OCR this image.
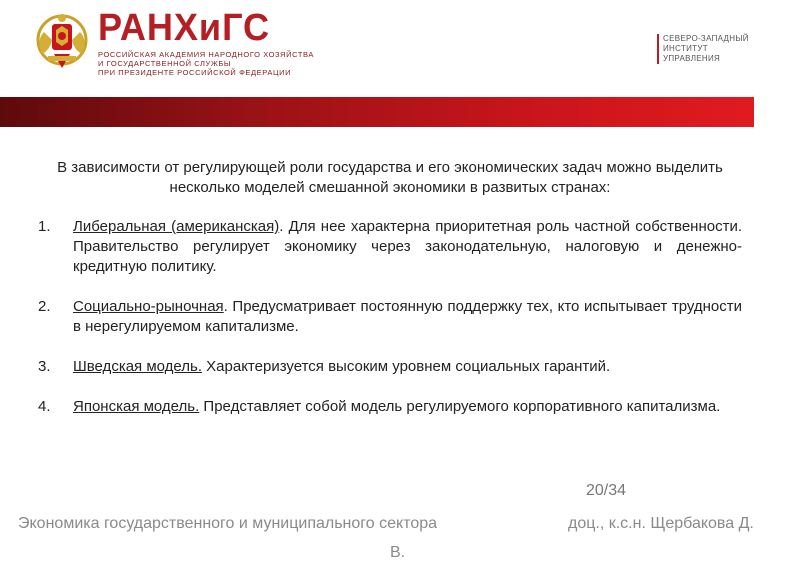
РАНХиГС
РОССИЙСКАЯ АКАДЕМИЯ НАРОДНОГО ХОЗЯЙСТВА
И ГОСУДАРСТВЕННОЙ СЛУЖБЫ
ПРИ ПРЕЗИДЕНТЕ РОССИЙСКОЙ ФЕДЕРАЦИИ
СЕВЕРО-ЗАПАДНЫЙ
ИНСТИТУТ
УПРАВЛЕНИЯ

В зависимости от регулирующей роли государства и его экономических задач можно выделить несколько моделей смешанной экономики в развитых странах:

1. Либеральная (американская). Для нее характерна приоритетная роль частной собственности. Правительство регулирует экономику через законодательную, налоговую и денежно-кредитную политику.
2. Социально-рыночная. Предусматривает постоянную поддержку тех, кто испытывает трудности в нерегулируемом капитализме.
3. Шведская модель. Характеризуется высоким уровнем социальных гарантий.
4. Японская модель. Представляет собой модель регулируемого корпоративного капитализма.
20/34
Экономика государственного и муниципального сектора	доц., к.с.н. Щербакова Д.
В.
